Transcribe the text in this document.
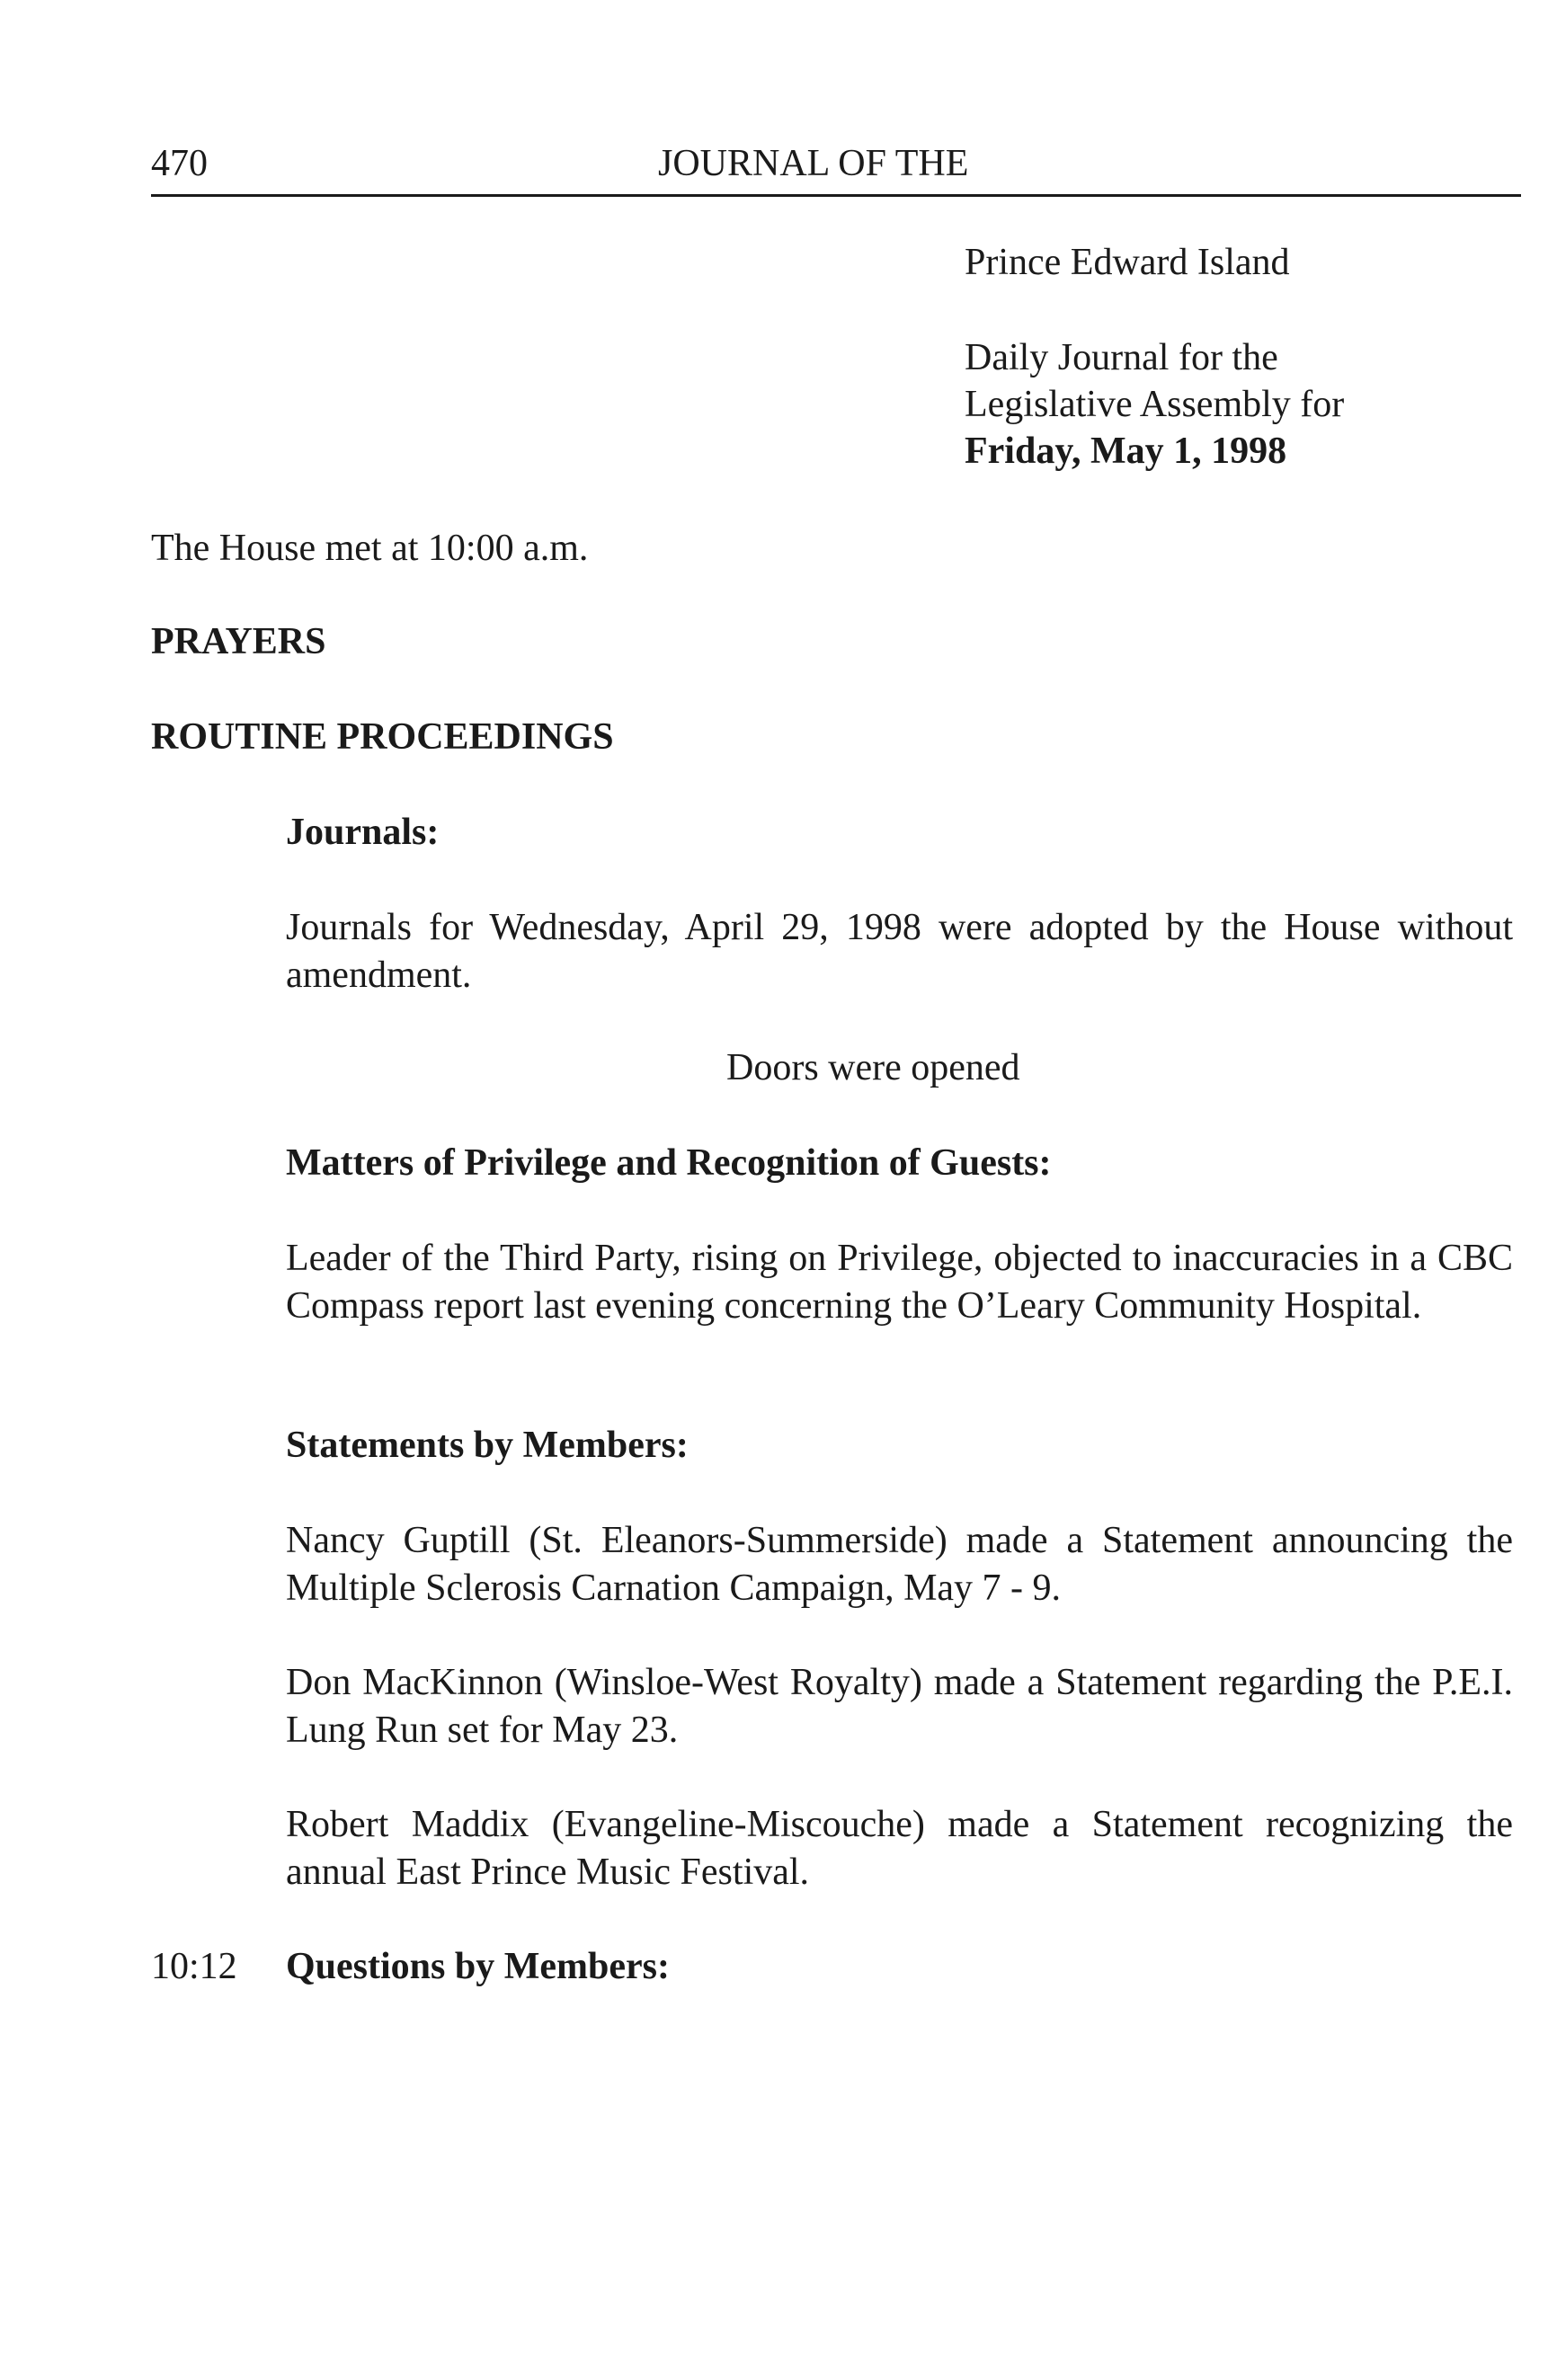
470	JOURNAL OF THE
Prince Edward Island
Daily Journal for the
Legislative Assembly for
Friday, May 1, 1998
The House met at 10:00 a.m.
PRAYERS
ROUTINE PROCEEDINGS
Journals:
Journals for Wednesday, April 29, 1998 were adopted by the House without amendment.
Doors were opened
Matters of Privilege and Recognition of Guests:
Leader of the Third Party, rising on Privilege, objected to inaccuracies in a CBC Compass report last evening concerning the O’Leary Community Hospital.
Statements by Members:
Nancy Guptill (St. Eleanors-Summerside) made a Statement announcing the Multiple Sclerosis Carnation Campaign, May 7 - 9.
Don MacKinnon (Winsloe-West Royalty) made a Statement regarding the P.E.I. Lung Run set for May 23.
Robert Maddix (Evangeline-Miscouche) made a Statement recognizing the annual East Prince Music Festival.
10:12 Questions by Members:
